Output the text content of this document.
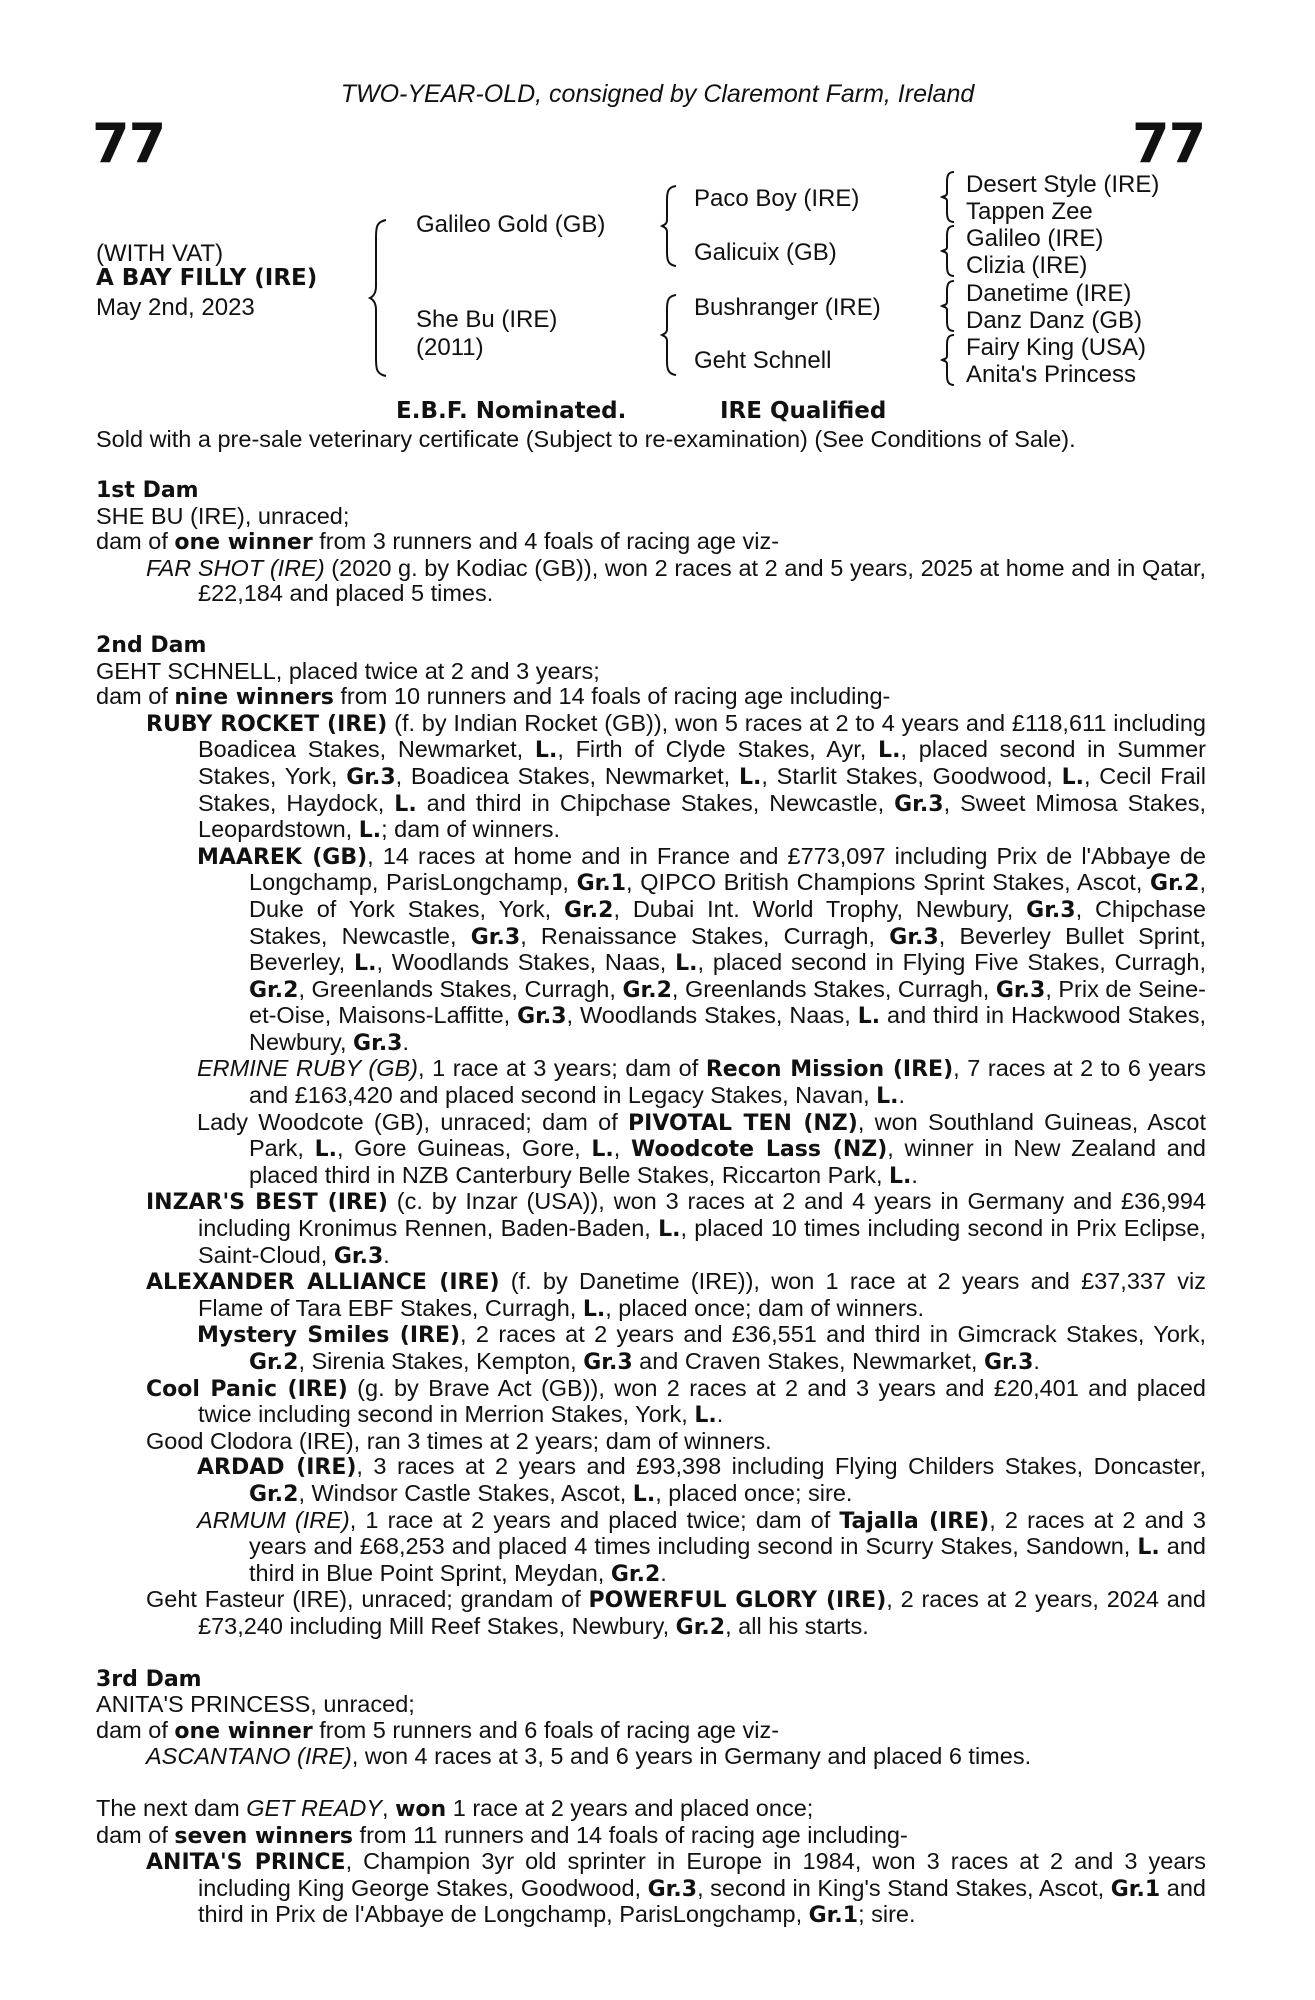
TWO-YEAR-OLD, consigned by Claremont Farm, Ireland
77	77
(WITH VAT)
A BAY FILLY (IRE)
May 2nd, 2023
Galileo Gold (GB)
She Bu (IRE)
(2011)
Paco Boy (IRE)
Galicuix (GB)
Bushranger (IRE)
Geht Schnell
Desert Style (IRE)
Tappen Zee
Galileo (IRE)
Clizia (IRE)
Danetime (IRE)
Danz Danz (GB)
Fairy King (USA)
Anita's Princess
E.B.F. Nominated.	IRE Qualified
Sold with a pre-sale veterinary certificate (Subject to re-examination) (See Conditions of Sale).

1st Dam

SHE BU (IRE), unraced;

dam of one winner from 3 runners and 4 foals of racing age viz-

FAR SHOT (IRE) (2020 g. by Kodiac (GB)), won 2 races at 2 and 5 years, 2025 at home and in Qatar, £22,184 and placed 5 times.

2nd Dam

GEHT SCHNELL, placed twice at 2 and 3 years;

dam of nine winners from 10 runners and 14 foals of racing age including-

RUBY ROCKET (IRE) (f. by Indian Rocket (GB)), won 5 races at 2 to 4 years and £118,611 including Boadicea Stakes, Newmarket, L., Firth of Clyde Stakes, Ayr, L., placed second in Summer Stakes, York, Gr.3, Boadicea Stakes, Newmarket, L., Starlit Stakes, Goodwood, L., Cecil Frail Stakes, Haydock, L. and third in Chipchase Stakes, Newcastle, Gr.3, Sweet Mimosa Stakes, Leopardstown, L.; dam of winners.

MAAREK (GB), 14 races at home and in France and £773,097 including Prix de l'Abbaye de Longchamp, ParisLongchamp, Gr.1, QIPCO British Champions Sprint Stakes, Ascot, Gr.2, Duke of York Stakes, York, Gr.2, Dubai Int. World Trophy, Newbury, Gr.3, Chipchase Stakes, Newcastle, Gr.3, Renaissance Stakes, Curragh, Gr.3, Beverley Bullet Sprint, Beverley, L., Woodlands Stakes, Naas, L., placed second in Flying Five Stakes, Curragh, Gr.2, Greenlands Stakes, Curragh, Gr.2, Greenlands Stakes, Curragh, Gr.3, Prix de Seine-et-Oise, Maisons-Laffitte, Gr.3, Woodlands Stakes, Naas, L. and third in Hackwood Stakes, Newbury, Gr.3.

ERMINE RUBY (GB), 1 race at 3 years; dam of Recon Mission (IRE), 7 races at 2 to 6 years and £163,420 and placed second in Legacy Stakes, Navan, L..

Lady Woodcote (GB), unraced; dam of PIVOTAL TEN (NZ), won Southland Guineas, Ascot Park, L., Gore Guineas, Gore, L., Woodcote Lass (NZ), winner in New Zealand and placed third in NZB Canterbury Belle Stakes, Riccarton Park, L..

INZAR'S BEST (IRE) (c. by Inzar (USA)), won 3 races at 2 and 4 years in Germany and £36,994 including Kronimus Rennen, Baden-Baden, L., placed 10 times including second in Prix Eclipse, Saint-Cloud, Gr.3.

ALEXANDER ALLIANCE (IRE) (f. by Danetime (IRE)), won 1 race at 2 years and £37,337 viz Flame of Tara EBF Stakes, Curragh, L., placed once; dam of winners.

Mystery Smiles (IRE), 2 races at 2 years and £36,551 and third in Gimcrack Stakes, York, Gr.2, Sirenia Stakes, Kempton, Gr.3 and Craven Stakes, Newmarket, Gr.3.

Cool Panic (IRE) (g. by Brave Act (GB)), won 2 races at 2 and 3 years and £20,401 and placed twice including second in Merrion Stakes, York, L..

Good Clodora (IRE), ran 3 times at 2 years; dam of winners.

ARDAD (IRE), 3 races at 2 years and £93,398 including Flying Childers Stakes, Doncaster, Gr.2, Windsor Castle Stakes, Ascot, L., placed once; sire.

ARMUM (IRE), 1 race at 2 years and placed twice; dam of Tajalla (IRE), 2 races at 2 and 3 years and £68,253 and placed 4 times including second in Scurry Stakes, Sandown, L. and third in Blue Point Sprint, Meydan, Gr.2.

Geht Fasteur (IRE), unraced; grandam of POWERFUL GLORY (IRE), 2 races at 2 years, 2024 and £73,240 including Mill Reef Stakes, Newbury, Gr.2, all his starts.

3rd Dam

ANITA'S PRINCESS, unraced;

dam of one winner from 5 runners and 6 foals of racing age viz-

ASCANTANO (IRE), won 4 races at 3, 5 and 6 years in Germany and placed 6 times.

The next dam GET READY, won 1 race at 2 years and placed once;

dam of seven winners from 11 runners and 14 foals of racing age including-

ANITA'S PRINCE, Champion 3yr old sprinter in Europe in 1984, won 3 races at 2 and 3 years including King George Stakes, Goodwood, Gr.3, second in King's Stand Stakes, Ascot, Gr.1 and third in Prix de l'Abbaye de Longchamp, ParisLongchamp, Gr.1; sire.
